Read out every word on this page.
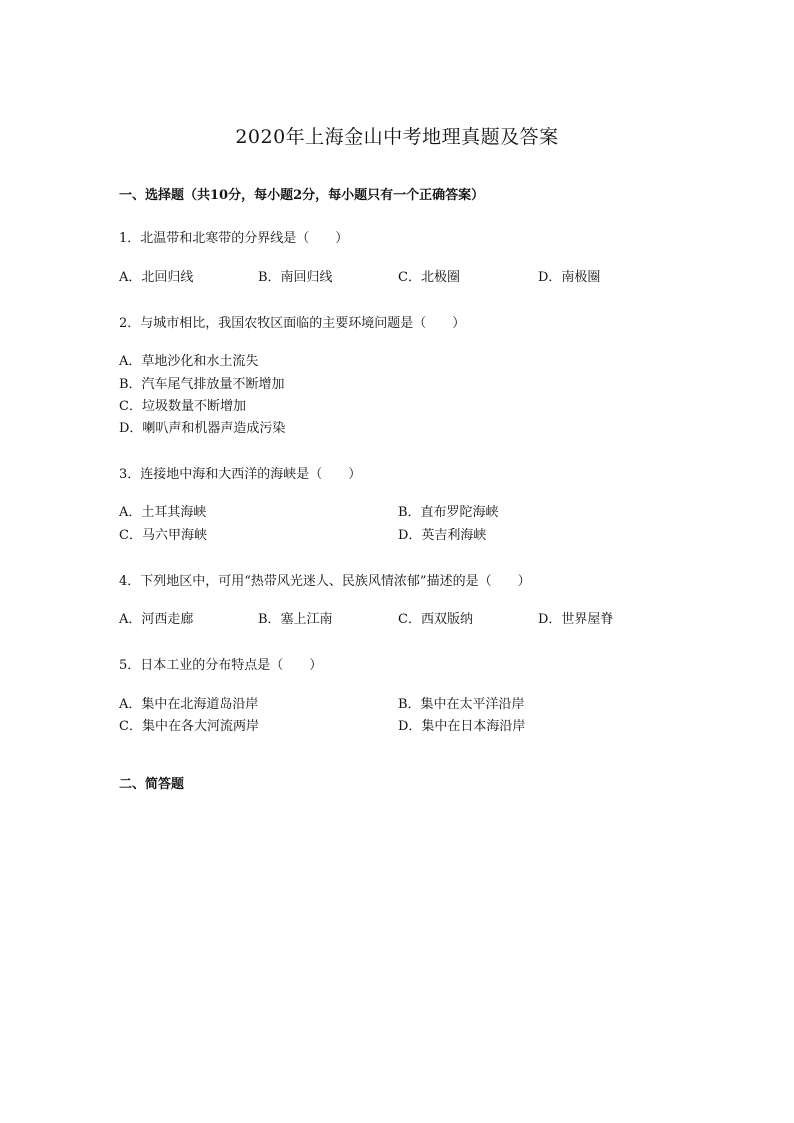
2020年上海金山中考地理真题及答案
一、选择题（共10分，每小题2分，每小题只有一个正确答案）
1．北温带和北寒带的分界线是（　　）
A．北回归线	B．南回归线	C．北极圈	D．南极圈
2．与城市相比，我国农牧区面临的主要环境问题是（　　）
A．草地沙化和水土流失
B．汽车尾气排放量不断增加
C．垃圾数量不断增加
D．喇叭声和机器声造成污染
3．连接地中海和大西洋的海峡是（　　）
A．土耳其海峡	B．直布罗陀海峡
C．马六甲海峡	D．英吉利海峡
4．下列地区中，可用“热带风光迷人、民族风情浓郁”描述的是（　　）
A．河西走廊	B．塞上江南	C．西双版纳	D．世界屋脊
5．日本工业的分布特点是（　　）
A．集中在北海道岛沿岸	B．集中在太平洋沿岸
C．集中在各大河流两岸	D．集中在日本海沿岸
二、简答题
